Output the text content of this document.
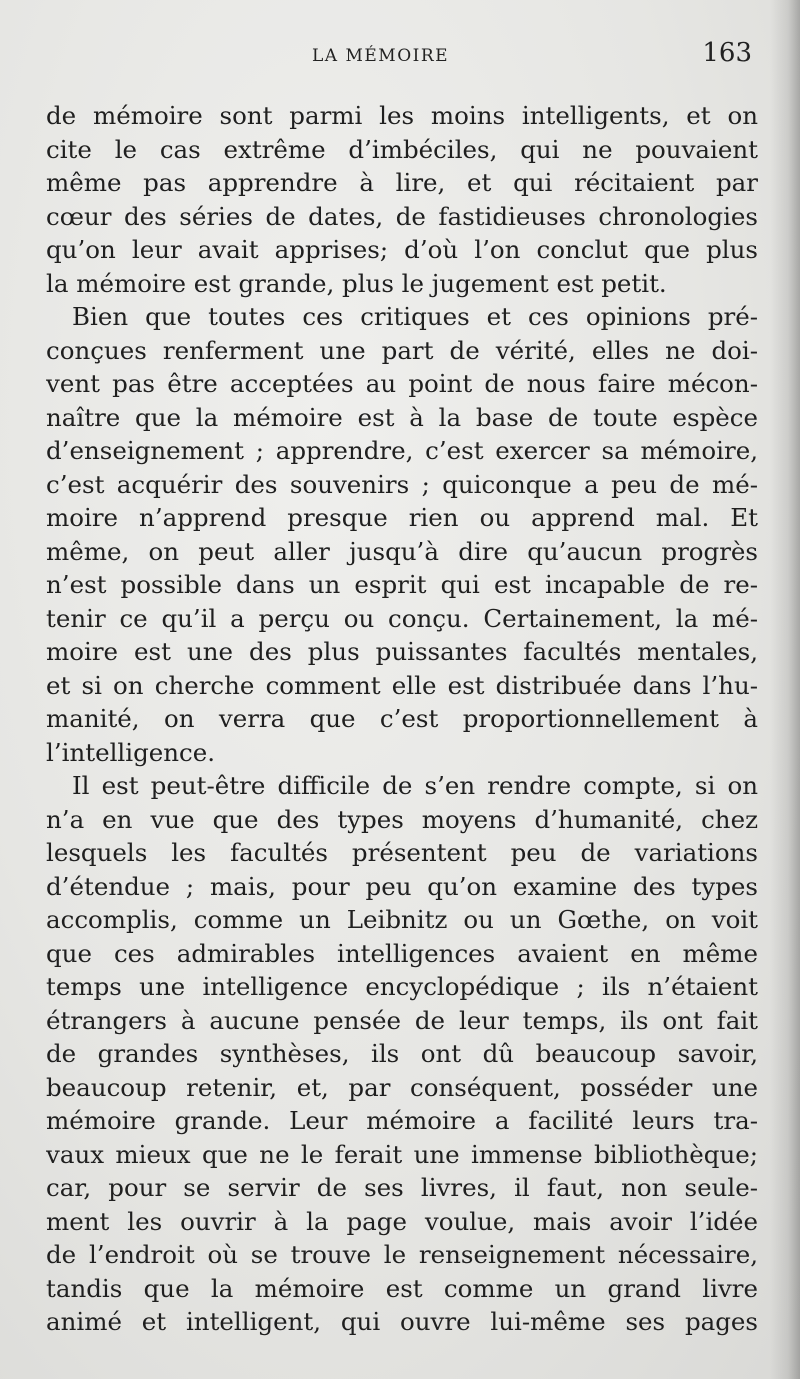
LA MÉMOIRE	163
de mémoire sont parmi les moins intelligents, et on
cite le cas extrême d’imbéciles, qui ne pouvaient
même pas apprendre à lire, et qui récitaient par
cœur des séries de dates, de fastidieuses chronologies
qu’on leur avait apprises; d’où l’on conclut que plus
la mémoire est grande, plus le jugement est petit.
Bien que toutes ces critiques et ces opinions pré-
conçues renferment une part de vérité, elles ne doi-
vent pas être acceptées au point de nous faire mécon-
naître que la mémoire est à la base de toute espèce
d’enseignement ; apprendre, c’est exercer sa mémoire,
c’est acquérir des souvenirs ; quiconque a peu de mé-
moire n’apprend presque rien ou apprend mal. Et
même, on peut aller jusqu’à dire qu’aucun progrès
n’est possible dans un esprit qui est incapable de re-
tenir ce qu’il a perçu ou conçu. Certainement, la mé-
moire est une des plus puissantes facultés mentales,
et si on cherche comment elle est distribuée dans l’hu-
manité, on verra que c’est proportionnellement à
l’intelligence.
Il est peut-être difficile de s’en rendre compte, si on
n’a en vue que des types moyens d’humanité, chez
lesquels les facultés présentent peu de variations
d’étendue ; mais, pour peu qu’on examine des types
accomplis, comme un Leibnitz ou un Gœthe, on voit
que ces admirables intelligences avaient en même
temps une intelligence encyclopédique ; ils n’étaient
étrangers à aucune pensée de leur temps, ils ont fait
de grandes synthèses, ils ont dû beaucoup savoir,
beaucoup retenir, et, par conséquent, posséder une
mémoire grande. Leur mémoire a facilité leurs tra-
vaux mieux que ne le ferait une immense bibliothèque;
car, pour se servir de ses livres, il faut, non seule-
ment les ouvrir à la page voulue, mais avoir l’idée
de l’endroit où se trouve le renseignement nécessaire,
tandis que la mémoire est comme un grand livre
animé et intelligent, qui ouvre lui-même ses pages
